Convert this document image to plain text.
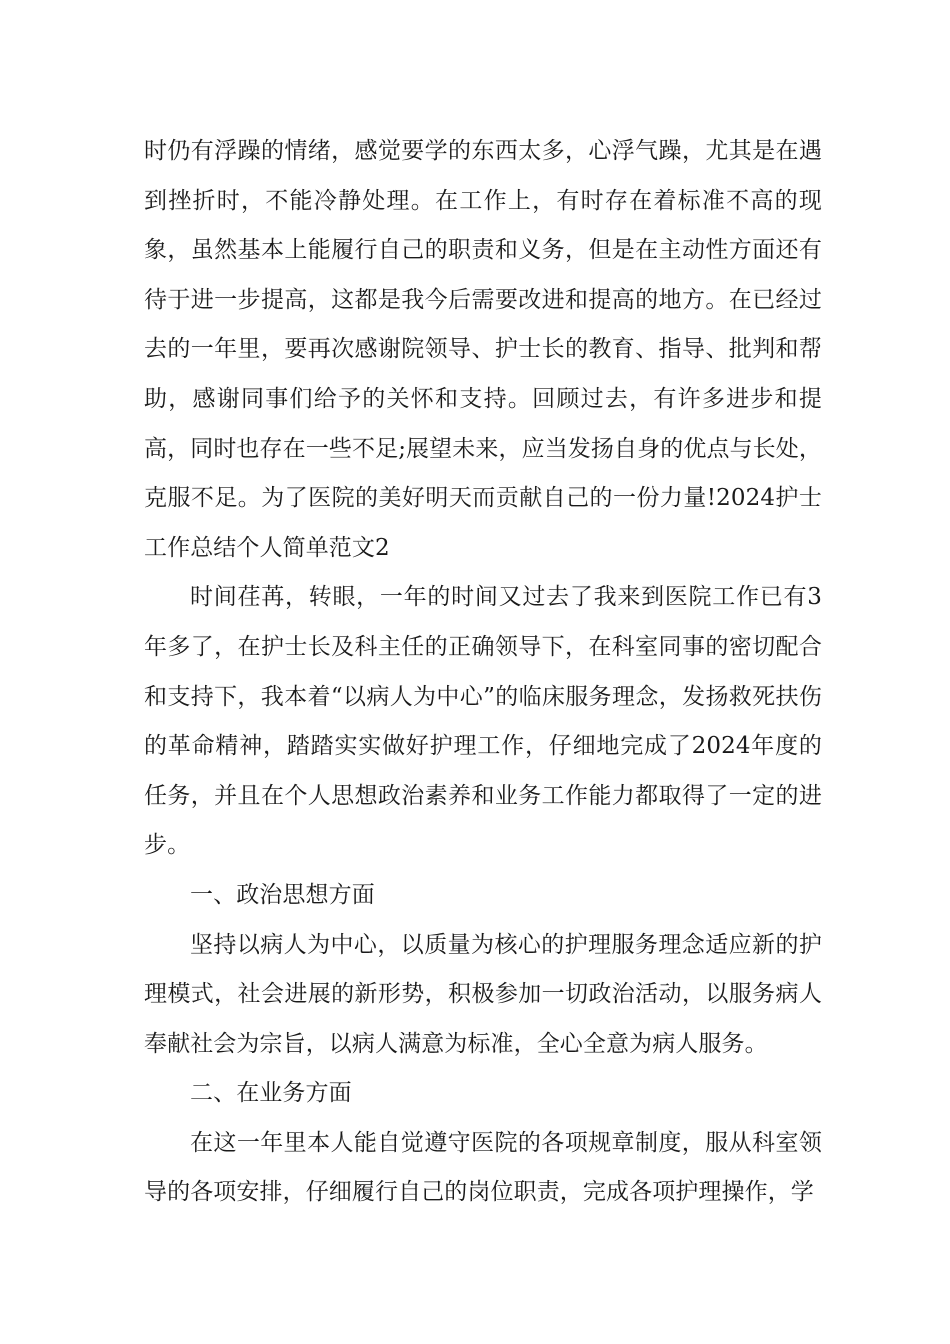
时仍有浮躁的情绪，感觉要学的东西太多，心浮气躁，尤其是在遇到挫折时，不能冷静处理。在工作上，有时存在着标准不高的现象，虽然基本上能履行自己的职责和义务，但是在主动性方面还有待于进一步提高，这都是我今后需要改进和提高的地方。在已经过去的一年里，要再次感谢院领导、护士长的教育、指导、批判和帮助，感谢同事们给予的关怀和支持。回顾过去，有许多进步和提高，同时也存在一些不足;展望未来，应当发扬自身的优点与长处，克服不足。为了医院的美好明天而贡献自己的一份力量!2024护士工作总结个人简单范文2

时间荏苒，转眼，一年的时间又过去了我来到医院工作已有3年多了，在护士长及科主任的正确领导下，在科室同事的密切配合和支持下，我本着“以病人为中心”的临床服务理念，发扬救死扶伤的革命精神，踏踏实实做好护理工作，仔细地完成了2024年度的任务，并且在个人思想政治素养和业务工作能力都取得了一定的进步。

一、政治思想方面

坚持以病人为中心，以质量为核心的护理服务理念适应新的护理模式，社会进展的新形势，积极参加一切政治活动，以服务病人奉献社会为宗旨，以病人满意为标准，全心全意为病人服务。

二、在业务方面

在这一年里本人能自觉遵守医院的各项规章制度，服从科室领导的各项安排，仔细履行自己的岗位职责，完成各项护理操作，学
